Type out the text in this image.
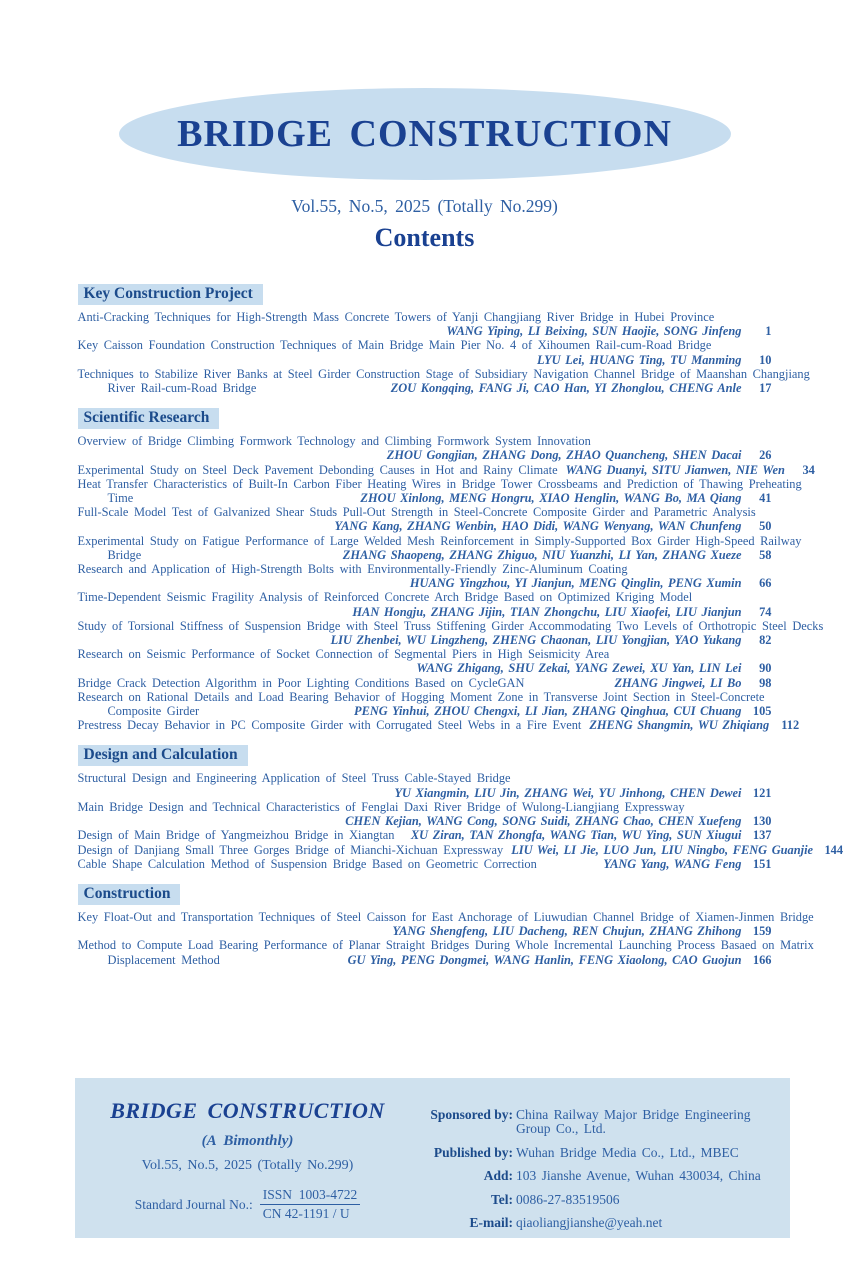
BRIDGE CONSTRUCTION
Vol.55, No.5, 2025 (Totally No.299)
Contents
Key Construction Project
Anti-Cracking Techniques for High-Strength Mass Concrete Towers of Yanji Changjiang River Bridge in Hubei Province
WANG Yiping, LI Beixing, SUN Haojie, SONG Jinfeng	1
Key Caisson Foundation Construction Techniques of Main Bridge Main Pier No. 4 of Xihoumen Rail-cum-Road Bridge
LYU Lei, HUANG Ting, TU Manming	10
Techniques to Stabilize River Banks at Steel Girder Construction Stage of Subsidiary Navigation Channel Bridge of Maanshan Changjiang
River Rail-cum-Road Bridge	ZOU Kongqing, FANG Ji, CAO Han, YI Zhonglou, CHENG Anle	17
Scientific Research
Overview of Bridge Climbing Formwork Technology and Climbing Formwork System Innovation
ZHOU Gongjian, ZHANG Dong, ZHAO Quancheng, SHEN Dacai	26
Experimental Study on Steel Deck Pavement Debonding Causes in Hot and Rainy Climate WANG Duanyi, SITU Jianwen, NIE Wen	34
Heat Transfer Characteristics of Built-In Carbon Fiber Heating Wires in Bridge Tower Crossbeams and Prediction of Thawing Preheating
Time	ZHOU Xinlong, MENG Hongru, XIAO Henglin, WANG Bo, MA Qiang	41
Full-Scale Model Test of Galvanized Shear Studs Pull-Out Strength in Steel-Concrete Composite Girder and Parametric Analysis
YANG Kang, ZHANG Wenbin, HAO Didi, WANG Wenyang, WAN Chunfeng	50
Experimental Study on Fatigue Performance of Large Welded Mesh Reinforcement in Simply-Supported Box Girder High-Speed Railway
Bridge	ZHANG Shaopeng, ZHANG Zhiguo, NIU Yuanzhi, LI Yan, ZHANG Xueze	58
Research and Application of High-Strength Bolts with Environmentally-Friendly Zinc-Aluminum Coating
HUANG Yingzhou, YI Jianjun, MENG Qinglin, PENG Xumin	66
Time-Dependent Seismic Fragility Analysis of Reinforced Concrete Arch Bridge Based on Optimized Kriging Model
HAN Hongju, ZHANG Jijin, TIAN Zhongchu, LIU Xiaofei, LIU Jianjun	74
Study of Torsional Stiffness of Suspension Bridge with Steel Truss Stiffening Girder Accommodating Two Levels of Orthotropic Steel Decks
LIU Zhenbei, WU Lingzheng, ZHENG Chaonan, LIU Yongjian, YAO Yukang	82
Research on Seismic Performance of Socket Connection of Segmental Piers in High Seismicity Area
WANG Zhigang, SHU Zekai, YANG Zewei, XU Yan, LIN Lei	90
Bridge Crack Detection Algorithm in Poor Lighting Conditions Based on CycleGAN	ZHANG Jingwei, LI Bo	98
Research on Rational Details and Load Bearing Behavior of Hogging Moment Zone in Transverse Joint Section in Steel-Concrete
Composite Girder	PENG Yinhui, ZHOU Chengxi, LI Jian, ZHANG Qinghua, CUI Chuang 105
Prestress Decay Behavior in PC Composite Girder with Corrugated Steel Webs in a Fire Event ZHENG Shangmin, WU Zhiqiang 112
Design and Calculation
Structural Design and Engineering Application of Steel Truss Cable-Stayed Bridge
YU Xiangmin, LIU Jin, ZHANG Wei, YU Jinhong, CHEN Dewei 121
Main Bridge Design and Technical Characteristics of Fenglai Daxi River Bridge of Wulong-Liangjiang Expressway
CHEN Kejian, WANG Cong, SONG Suidi, ZHANG Chao, CHEN Xuefeng 130
Design of Main Bridge of Yangmeizhou Bridge in Xiangtan XU Ziran, TAN Zhongfa, WANG Tian, WU Ying, SUN Xiugui 137
Design of Danjiang Small Three Gorges Bridge of Mianchi-Xichuan Expressway LIU Wei, LI Jie, LUO Jun, LIU Ningbo, FENG Guanjie 144
Cable Shape Calculation Method of Suspension Bridge Based on Geometric Correction	YANG Yang, WANG Feng 151
Construction
Key Float-Out and Transportation Techniques of Steel Caisson for East Anchorage of Liuwudian Channel Bridge of Xiamen-Jinmen Bridge
YANG Shengfeng, LIU Dacheng, REN Chujun, ZHANG Zhihong 159
Method to Compute Load Bearing Performance of Planar Straight Bridges During Whole Incremental Launching Process Basaed on Matrix
Displacement Method	GU Ying, PENG Dongmei, WANG Hanlin, FENG Xiaolong, CAO Guojun 166
BRIDGE CONSTRUCTION
(A  Bimonthly)
Vol.55, No.5, 2025 (Totally No.299)
Standard Journal No.: $\frac{\text{ISSN  1003-4722}}{CN 42-1191 / U}$
Sponsored by: China Railway Major Bridge Engineering Group Co., Ltd.
Published by: Wuhan Bridge Media Co., Ltd., MBEC
Add: 103 Jianshe Avenue, Wuhan 430034, China
Tel: 0086-27-83519506
E-mail: qiaoliangjianshe@yeah.net
